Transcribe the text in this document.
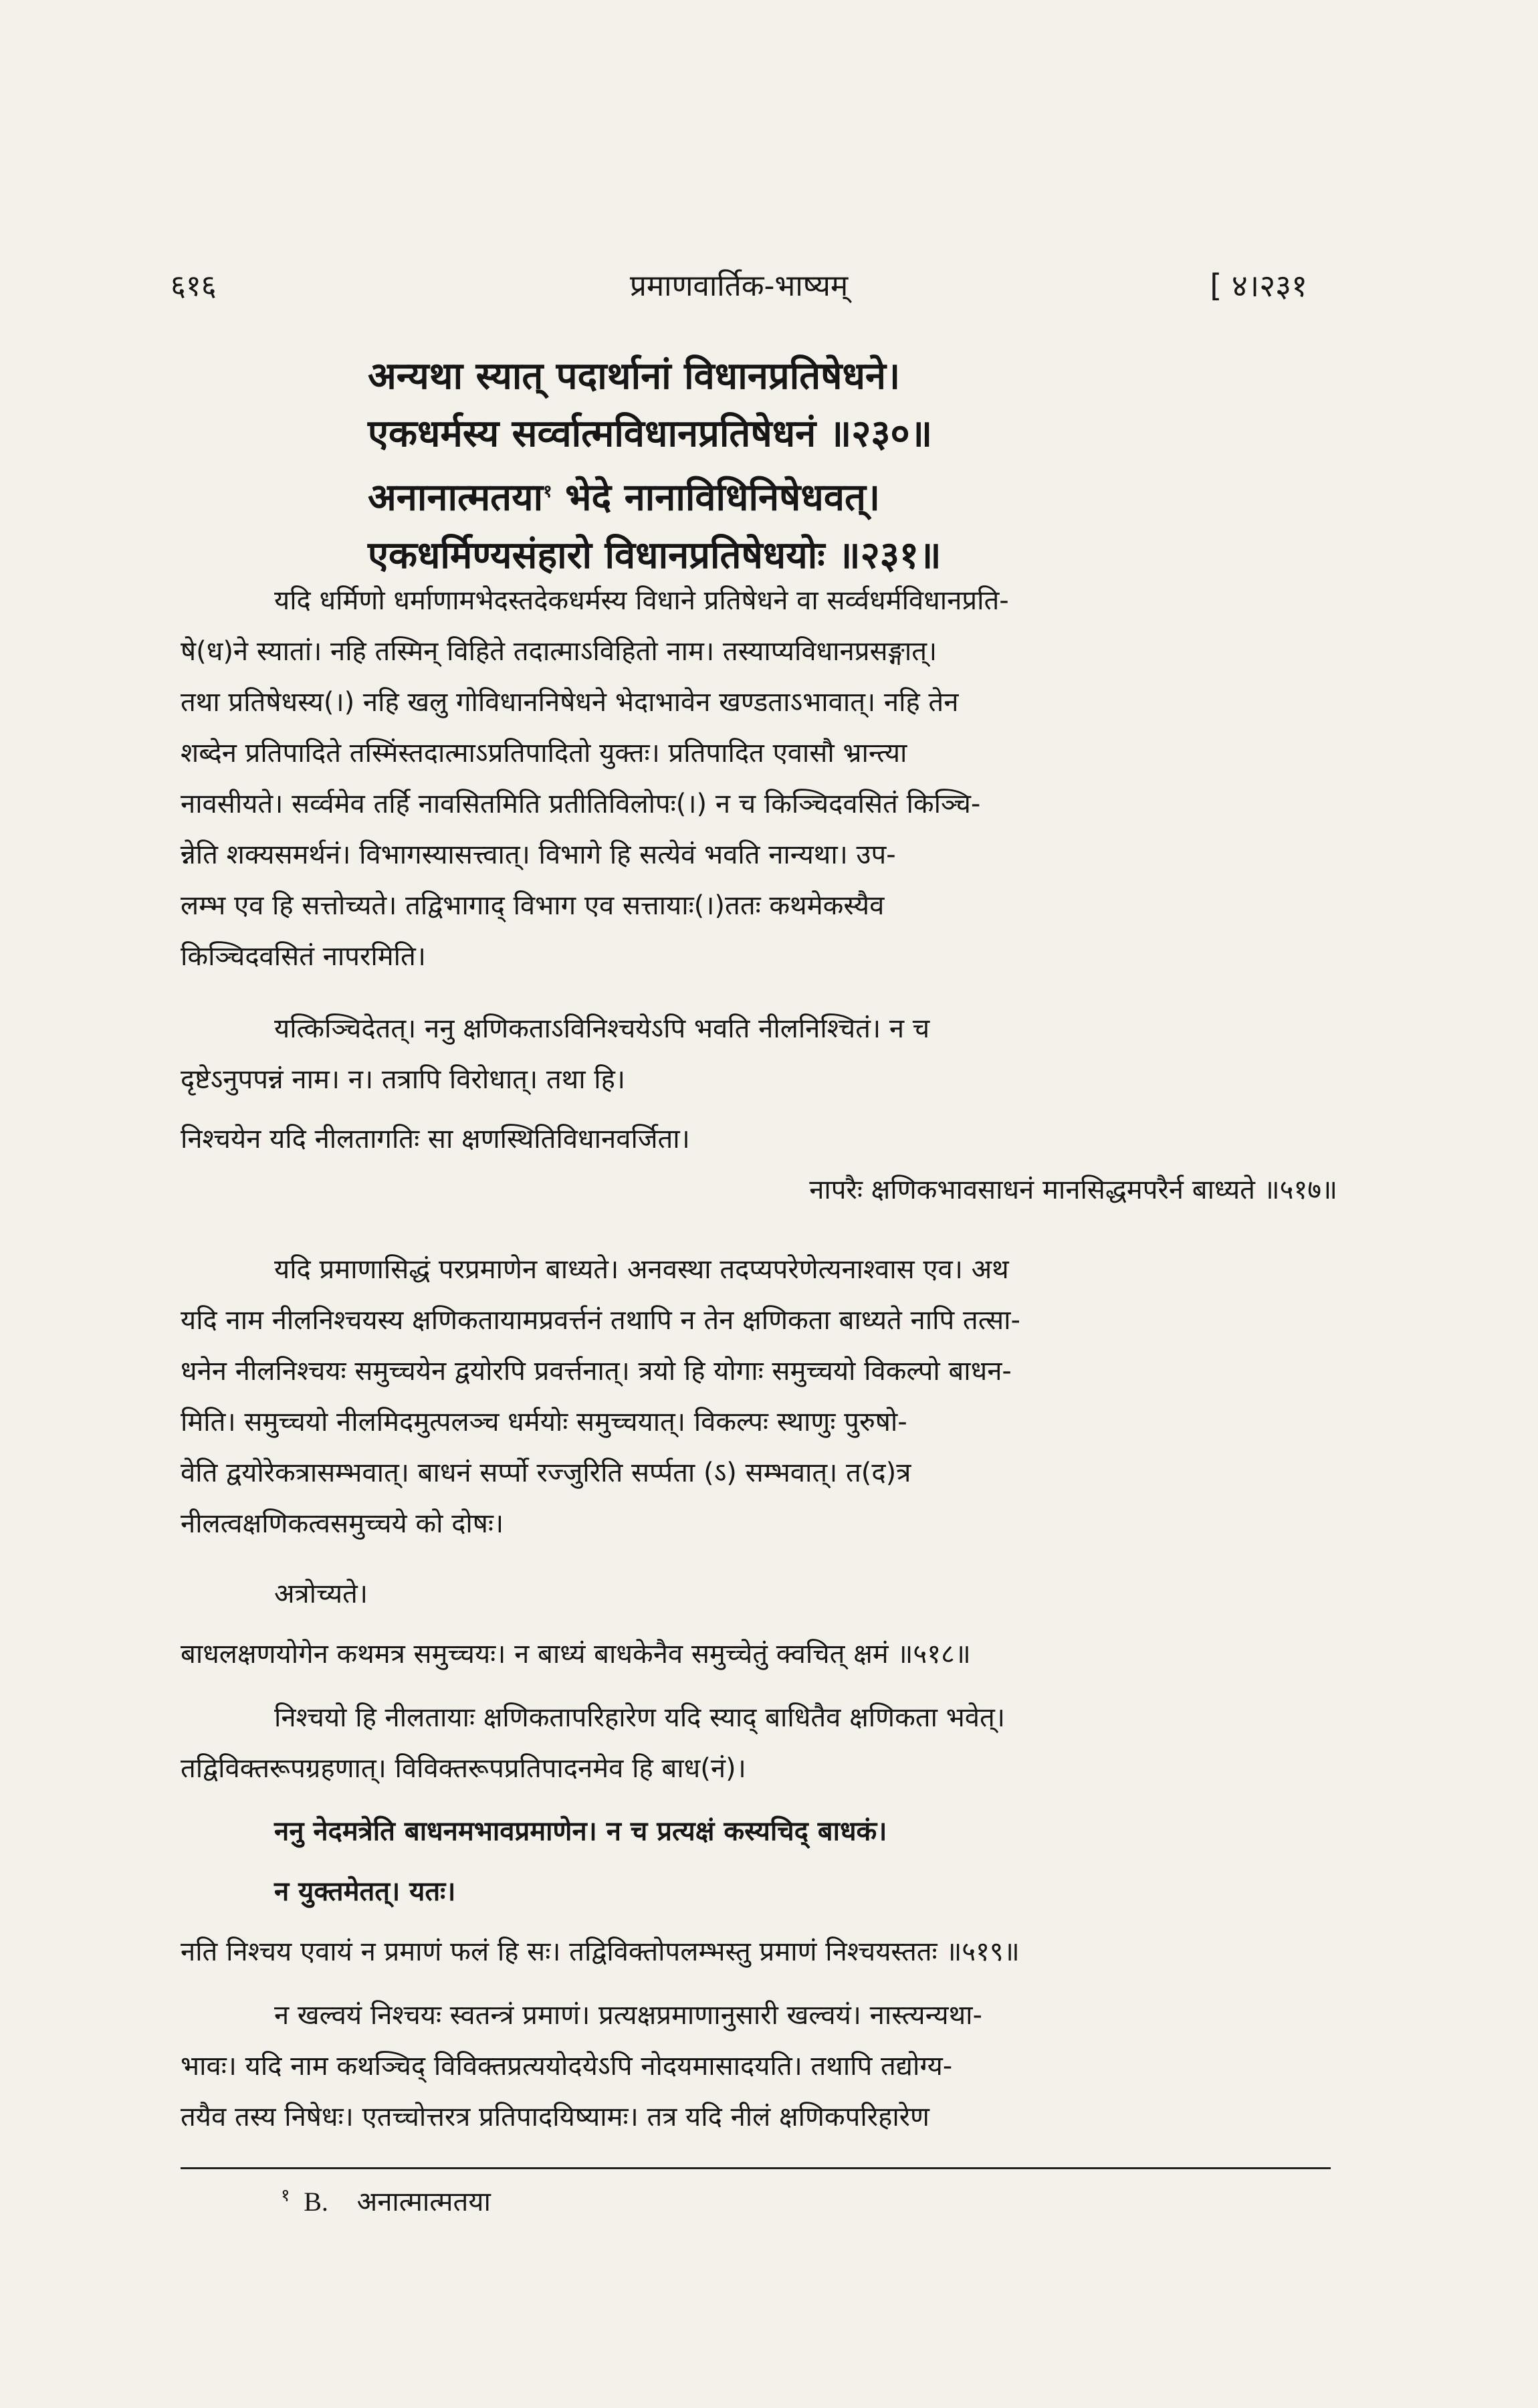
६१६	प्रमाणवार्तिक-भाष्यम्	[ ४।२३१
अन्यथा स्यात् पदार्थानां विधानप्रतिषेधने।
एकधर्मस्य सर्व्वात्मविधानप्रतिषेधनं ॥२३०॥
अनानात्मतया$^१$ भेदे नानाविधिनिषेधवत्।
एकधर्मिण्यसंहारो विधानप्रतिषेधयोः ॥२३१॥
यदि धर्मिणो धर्माणामभेदस्तदेकधर्मस्य विधाने प्रतिषेधने वा सर्व्वधर्मविधानप्रति-
षे(ध)ने स्यातां। नहि तस्मिन् विहिते तदात्माऽविहितो नाम। तस्याप्यविधानप्रसङ्गात्।
तथा प्रतिषेधस्य(।) नहि खलु गोविधाननिषेधने भेदाभावेन खण्डताऽभावात्। नहि तेन
शब्देन प्रतिपादिते तस्मिंस्तदात्माऽप्रतिपादितो युक्तः। प्रतिपादित एवासौ भ्रान्त्या
नावसीयते। सर्व्वमेव तर्हि नावसितमिति प्रतीतिविलोपः(।) न च किञ्चिदवसितं किञ्चि-
न्नेति शक्यसमर्थनं। विभागस्यासत्त्वात्। विभागे हि सत्येवं भवति नान्यथा। उप-
लम्भ एव हि सत्तोच्यते। तद्विभागाद् विभाग एव सत्तायाः(।)ततः कथमेकस्यैव
किञ्चिदवसितं नापरमिति।
यत्किञ्चिदेतत्। ननु क्षणिकताऽविनिश्चयेऽपि भवति नीलनिश्चितं। न च
दृष्टेऽनुपपन्नं नाम। न। तत्रापि विरोधात्। तथा हि।
निश्चयेन यदि नीलतागतिः सा क्षणस्थितिविधानवर्जिता।
नापरैः क्षणिकभावसाधनं मानसिद्धमपरैर्न बाध्यते ॥५१७॥
यदि प्रमाणासिद्धं परप्रमाणेन बाध्यते। अनवस्था तदप्यपरेणेत्यनाश्वास एव। अथ
यदि नाम नीलनिश्चयस्य क्षणिकतायामप्रवर्त्तनं तथापि न तेन क्षणिकता बाध्यते नापि तत्सा-
धनेन नीलनिश्चयः समुच्चयेन द्वयोरपि प्रवर्त्तनात्। त्रयो हि योगाः समुच्चयो विकल्पो बाधन-
मिति। समुच्चयो नीलमिदमुत्पलञ्च धर्मयोः समुच्चयात्। विकल्पः स्थाणुः पुरुषो-
वेति द्वयोरेकत्रासम्भवात्। बाधनं सर्प्पो रज्जुरिति सर्प्पता (ऽ) सम्भवात्। त(द)त्र
नीलत्वक्षणिकत्वसमुच्चये को दोषः।
अत्रोच्यते।
बाधलक्षणयोगेन कथमत्र समुच्चयः। न बाध्यं बाधकेनैव समुच्चेतुं क्वचित् क्षमं ॥५१८॥
निश्चयो हि नीलतायाः क्षणिकतापरिहारेण यदि स्याद् बाधितैव क्षणिकता भवेत्।
तद्विविक्तरूपग्रहणात्। विविक्तरूपप्रतिपादनमेव हि बाध(नं)।
ननु नेदमत्रेति बाधनमभावप्रमाणेन। न च प्रत्यक्षं कस्यचिद् बाधकं।
न युक्तमेतत्। यतः।
नति निश्चय एवायं न प्रमाणं फलं हि सः। तद्विविक्तोपलम्भस्तु प्रमाणं निश्चयस्ततः ॥५१९॥
न खल्वयं निश्चयः स्वतन्त्रं प्रमाणं। प्रत्यक्षप्रमाणानुसारी खल्वयं। नास्त्यन्यथा-
भावः। यदि नाम कथञ्चिद् विविक्तप्रत्ययोदयेऽपि नोदयमासादयति। तथापि तद्योग्य-
तयैव तस्य निषेधः। एतच्चोत्तरत्र प्रतिपादयिष्यामः। तत्र यदि नीलं क्षणिकपरिहारेण
$^१$ B. अनात्मात्मतया
